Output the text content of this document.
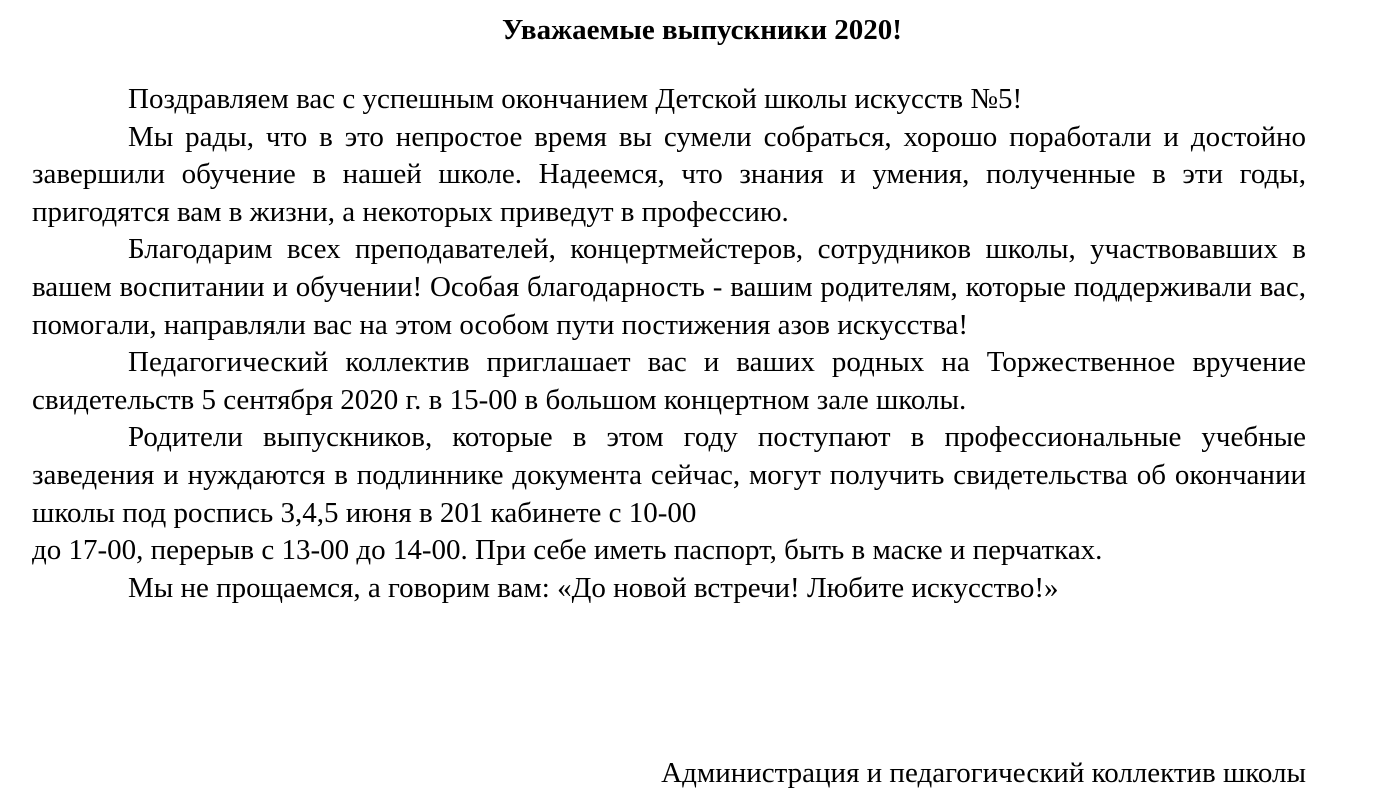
Уважаемые выпускники 2020!

Поздравляем вас с успешным окончанием Детской школы искусств №5!

Мы рады, что в это непростое время вы сумели собраться, хорошо поработали и достойно завершили обучение в нашей школе. Надеемся, что знания и умения, полученные в эти годы, пригодятся вам в жизни, а некоторых приведут в профессию.

Благодарим всех преподавателей, концертмейстеров, сотрудников школы, участвовавших в вашем воспитании и обучении! Особая благодарность - вашим родителям, которые поддерживали вас, помогали, направляли вас на этом особом пути постижения азов искусства!

Педагогический коллектив приглашает вас и ваших родных на Торжественное вручение свидетельств 5 сентября 2020 г. в 15-00 в большом концертном зале школы.

Родители выпускников, которые в этом году поступают в профессиональные учебные заведения и нуждаются в подлиннике документа сейчас, могут получить свидетельства об окончании школы под роспись 3,4,5 июня в 201 кабинете с 10-00

до 17-00, перерыв с 13-00 до 14-00. При себе иметь паспорт, быть в маске и перчатках.

Мы не прощаемся, а говорим вам: «До новой встречи! Любите искусство!»

Администрация и педагогический коллектив школы
